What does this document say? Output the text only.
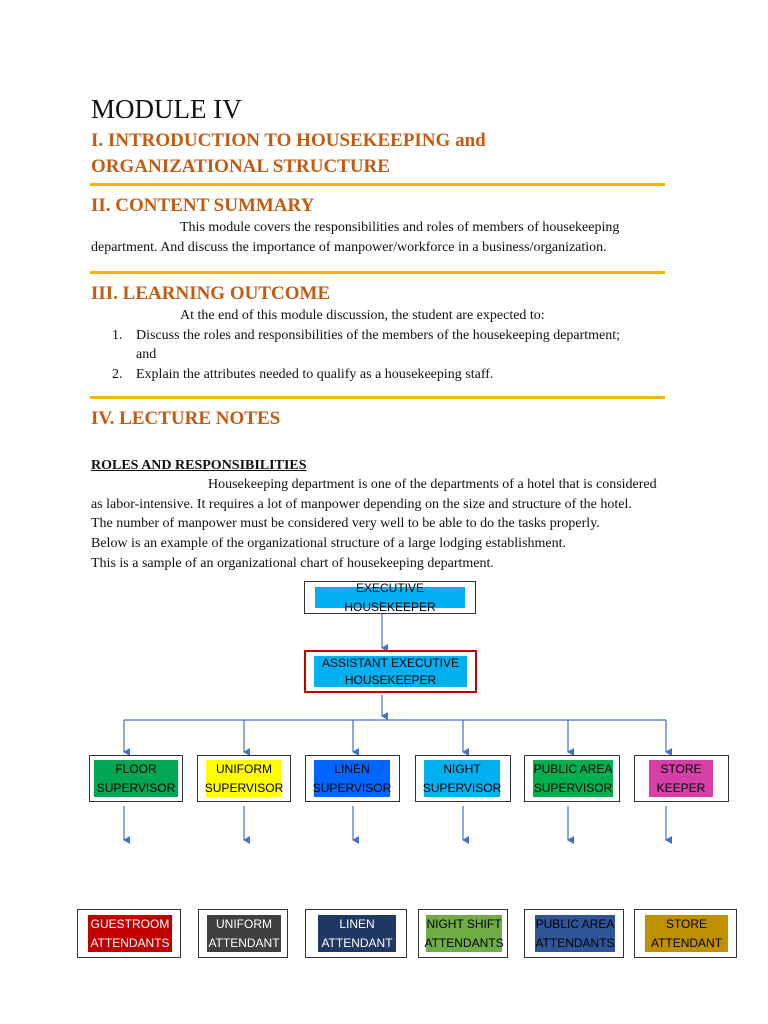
MODULE IV
I. INTRODUCTION TO HOUSEKEEPING and
ORGANIZATIONAL STRUCTURE
II. CONTENT SUMMARY
This module covers the responsibilities and roles of members of housekeeping
department. And discuss the importance of manpower/workforce in a business/organization.
III. LEARNING OUTCOME
At the end of this module discussion, the student are expected to:
1. Discuss the roles and responsibilities of the members of the housekeeping department;
and
2. Explain the attributes needed to qualify as a housekeeping staff.
IV. LECTURE NOTES
ROLES AND RESPONSIBILITIES
Housekeeping department is one of the departments of a hotel that is considered
as labor-intensive. It requires a lot of manpower depending on the size and structure of the hotel.
The number of manpower must be considered very well to be able to do the tasks properly.
Below is an example of the organizational structure of a large lodging establishment.
This is a sample of an organizational chart of housekeeping department.
EXECUTIVE HOUSEKEEPER
ASSISTANT EXECUTIVE HOUSEKEEPER
FLOOR SUPERVISOR
UNIFORM SUPERVISOR
LINEN SUPERVISOR
NIGHT SUPERVISOR
PUBLIC AREA SUPERVISOR
STORE KEEPER
GUESTROOM ATTENDANTS
UNIFORM ATTENDANT
LINEN ATTENDANT
NIGHT SHIFT ATTENDANTS
PUBLIC AREA ATTENDANTS
STORE ATTENDANT
